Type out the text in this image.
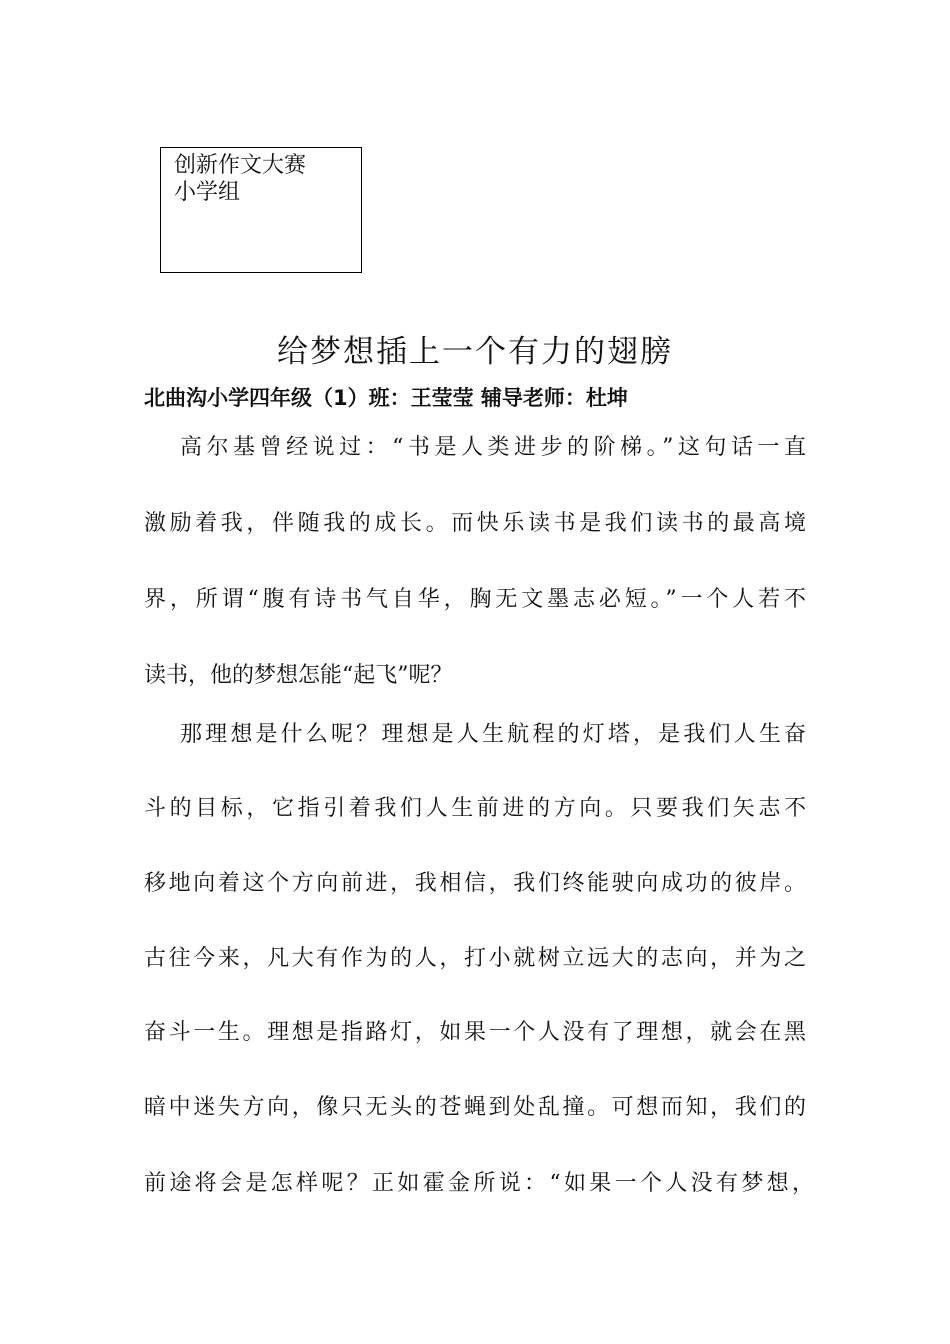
创新作文大赛
小学组
给梦想插上一个有力的翅膀
北曲沟小学四年级（1）班：王莹莹 辅导老师：杜坤
高尔基曾经说过：“书是人类进步的阶梯。”这句话一直
激励着我，伴随我的成长。而快乐读书是我们读书的最高境
界，所谓“腹有诗书气自华，胸无文墨志必短。”一个人若不
读书，他的梦想怎能“起飞”呢？
那理想是什么呢？理想是人生航程的灯塔，是我们人生奋
斗的目标，它指引着我们人生前进的方向。只要我们矢志不
移地向着这个方向前进，我相信，我们终能驶向成功的彼岸。
古往今来，凡大有作为的人，打小就树立远大的志向，并为之
奋斗一生。理想是指路灯，如果一个人没有了理想，就会在黑
暗中迷失方向，像只无头的苍蝇到处乱撞。可想而知，我们的
前途将会是怎样呢？正如霍金所说：“如果一个人没有梦想，
